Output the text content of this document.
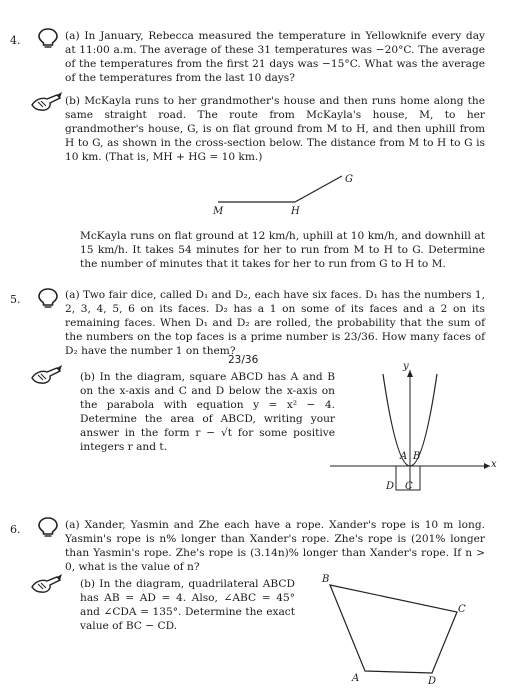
4.	(a) In January, Rebecca measured the temperature in Yellowknife every day at 11:00 a.m. The average of these 31 temperatures was −20°C. The average of the temperatures from the first 21 days was −15°C. What was the average of the temperatures from the last 10 days?

(b) McKayla runs to her grandmother's house and then runs home along the same straight road. The route from McKayla's house, M, to her grandmother's house, G, is on flat ground from M to H, and then uphill from H to G, as shown in the cross-section below. The distance from M to H to G is 10 km. (That is, MH + HG = 10 km.)

M	H
G

McKayla runs on flat ground at 12 km/h, uphill at 10 km/h, and downhill at 15 km/h. It takes 54 minutes for her to run from M to H to G. Determine the number of minutes that it takes for her to run from G to H to M.

5.	(a) Two fair dice, called D₁ and D₂, each have six faces. D₁ has the numbers 1, 2, 3, 4, 5, 6 on its faces. D₂ has a 1 on some of its faces and a 2 on its remaining faces. When D₁ and D₂ are rolled, the probability that the sum of the numbers on the top faces is a prime number is 23/36. How many faces of D₂ have the number 1 on them?

23/36

(b) In the diagram, square ABCD has A and B on the x-axis and C and D below the x-axis on the parabola with equation y = x² − 4. Determine the area of ABCD, writing your answer in the form r − √t for some positive integers r and t.

y
x
A B
C
D
6.	(a) Xander, Yasmin and Zhe each have a rope. Xander's rope is 10 m long. Yasmin's rope is n% longer than Xander's rope. Zhe's rope is (201% longer than Yasmin's rope. Zhe's rope is (3.14n)% longer than Xander's rope. If n > 0, what is the value of n?

(b) In the diagram, quadrilateral ABCD has AB = AD = 4. Also, ∠ABC = 45° and ∠CDA = 135°. Determine the exact value of BC − CD.

B
A
C
D
